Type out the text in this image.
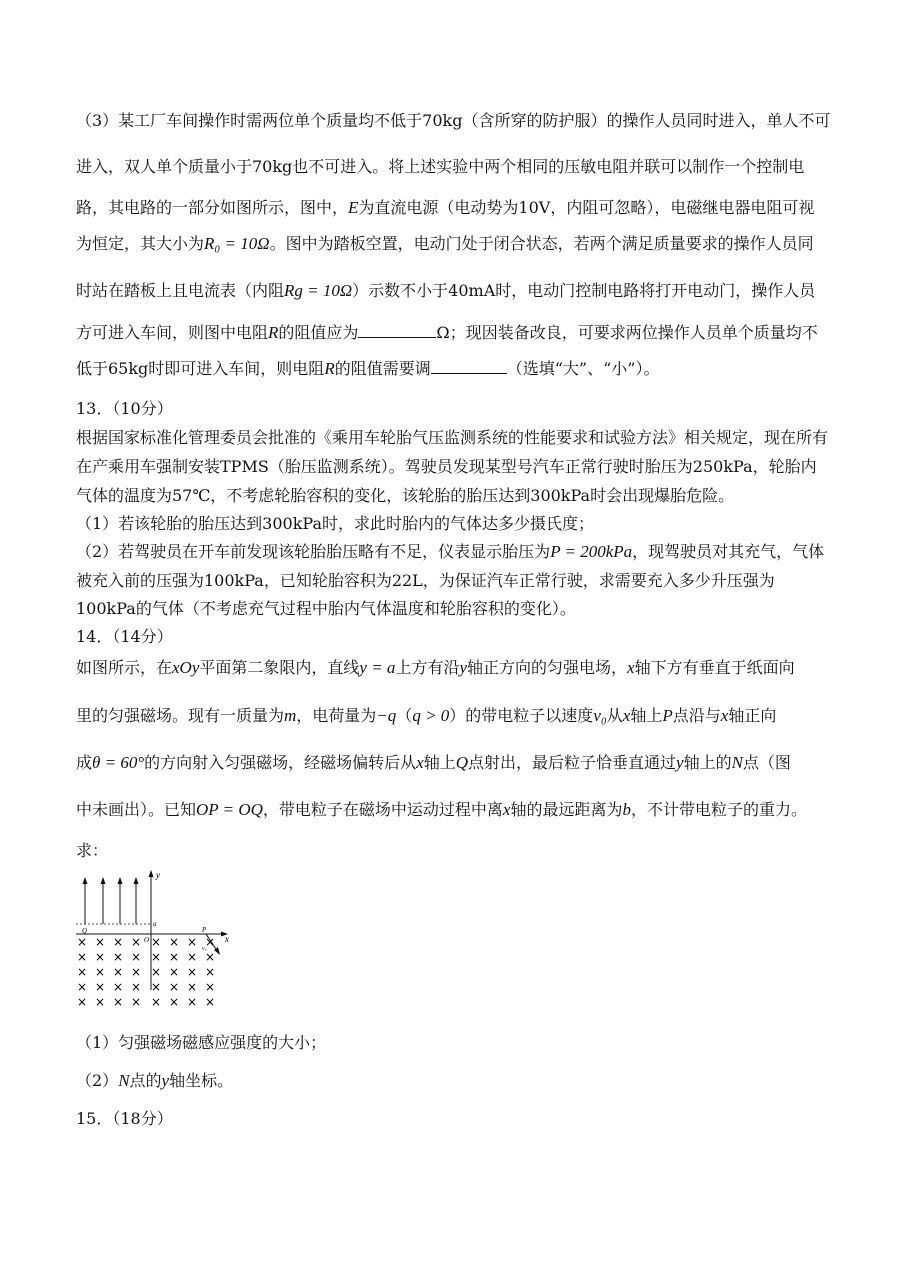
（3）某工厂车间操作时需两位单个质量均不低于70kg（含所穿的防护服）的操作人员同时进入，单人不可
进入，双人单个质量小于70kg也不可进入。将上述实验中两个相同的压敏电阻并联可以制作一个控制电
路，其电路的一部分如图所示，图中，E为直流电源（电动势为10V，内阻可忽略），电磁继电器电阻可视
为恒定，其大小为R₀ = 10Ω。图中为踏板空置，电动门处于闭合状态，若两个满足质量要求的操作人员同
时站在踏板上且电流表（内阻Rg = 10Ω）示数不小于40mA时，电动门控制电路将打开电动门，操作人员
方可进入车间，则图中电阻R的阻值应为	Ω；现因装备改良，可要求两位操作人员单个质量均不
低于65kg时即可进入车间，则电阻R的阻值需要调	（选填“大”、“小”）。
13．（10分）
根据国家标准化管理委员会批准的《乘用车轮胎气压监测系统的性能要求和试验方法》相关规定，现在所有
在产乘用车强制安装TPMS（胎压监测系统）。驾驶员发现某型号汽车正常行驶时胎压为250kPa，轮胎内
气体的温度为57℃，不考虑轮胎容积的变化，该轮胎的胎压达到300kPa时会出现爆胎危险。
（1）若该轮胎的胎压达到300kPa时，求此时胎内的气体达多少摄氏度；
（2）若驾驶员在开车前发现该轮胎胎压略有不足，仪表显示胎压为P = 200kPa，现驾驶员对其充气，气体
被充入前的压强为100kPa，已知轮胎容积为22L，为保证汽车正常行驶，求需要充入多少升压强为
100kPa的气体（不考虑充气过程中胎内气体温度和轮胎容积的变化）。
14．（14分）
如图所示，在xOy平面第二象限内，直线y = a上方有沿y轴正方向的匀强电场，x轴下方有垂直于纸面向
里的匀强磁场。现有一质量为m，电荷量为−q（q > 0）的带电粒子以速度v₀从x轴上P点沿与x轴正向
成θ = 60°的方向射入匀强磁场，经磁场偏转后从x轴上Q点射出，最后粒子恰垂直通过y轴上的N点（图
中未画出）。已知OP = OQ，带电粒子在磁场中运动过程中离x轴的最远距离为b，不计带电粒子的重力。
求：
y
x
a
O
Q	P
v₀
× × × × × × × ×
× × × × × × × ×
× × × × × × × ×
× × × × × × × ×
× × × × × × × ×
（1）匀强磁场磁感应强度的大小；
（2）N点的y轴坐标。
15．（18分）
